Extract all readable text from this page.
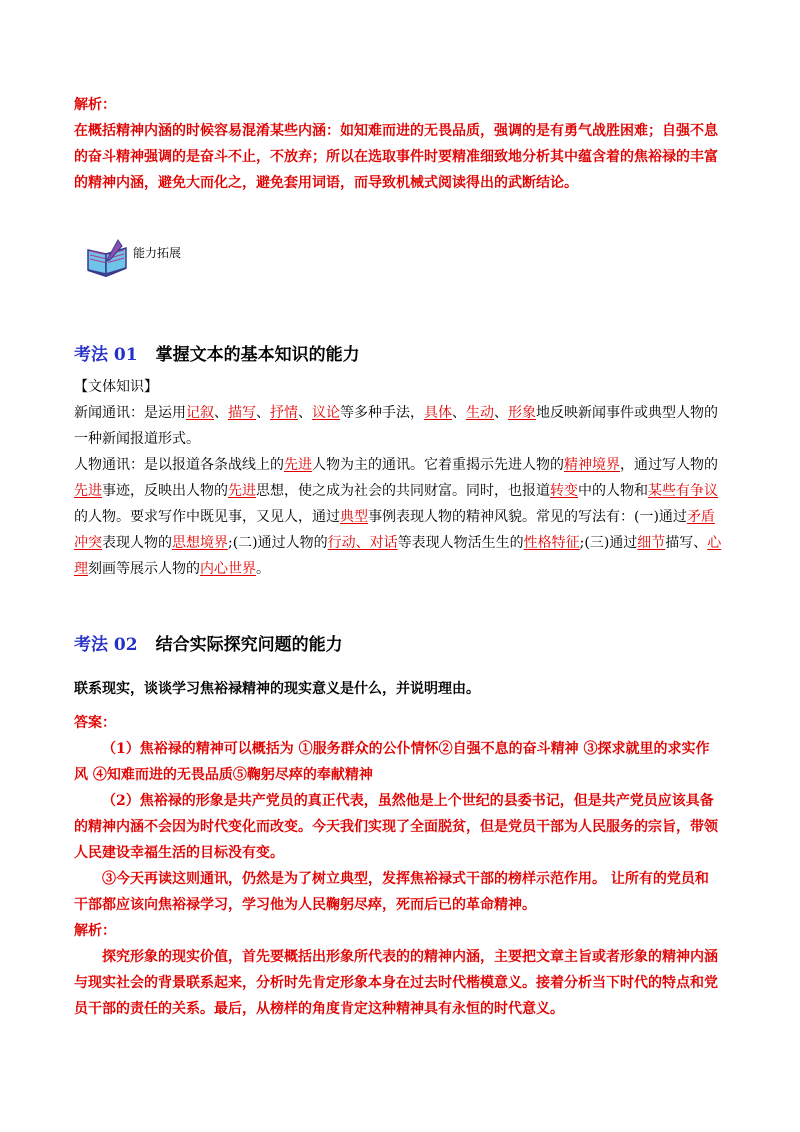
解析：
在概括精神内涵的时候容易混淆某些内涵：如知难而进的无畏品质，强调的是有勇气战胜困难；自强不息
的奋斗精神强调的是奋斗不止，不放弃；所以在选取事件时要精准细致地分析其中蕴含着的焦裕禄的丰富
的精神内涵，避免大而化之，避免套用词语，而导致机械式阅读得出的武断结论。
能力拓展
考法 01 掌握文本的基本知识的能力
【文体知识】
新闻通讯：是运用记叙、描写、抒情、议论等多种手法，具体、生动、形象地反映新闻事件或典型人物的
一种新闻报道形式。
人物通讯：是以报道各条战线上的先进人物为主的通讯。它着重揭示先进人物的精神境界，通过写人物的
先进事迹，反映出人物的先进思想，使之成为社会的共同财富。同时，也报道转变中的人物和某些有争议
的人物。要求写作中既见事，又见人，通过典型事例表现人物的精神风貌。常见的写法有：(一)通过矛盾
冲突表现人物的思想境界;(二)通过人物的行动、对话等表现人物活生生的性格特征;(三)通过细节描写、心
理刻画等展示人物的内心世界。
考法 02 结合实际探究问题的能力
联系现实，谈谈学习焦裕禄精神的现实意义是什么，并说明理由。
答案：
（1）焦裕禄的精神可以概括为 ①服务群众的公仆情怀②自强不息的奋斗精神 ③探求就里的求实作
风 ④知难而进的无畏品质⑤鞠躬尽瘁的奉献精神
（2）焦裕禄的形象是共产党员的真正代表，虽然他是上个世纪的县委书记，但是共产党员应该具备
的精神内涵不会因为时代变化而改变。今天我们实现了全面脱贫，但是党员干部为人民服务的宗旨，带领
人民建设幸福生活的目标没有变。
③今天再读这则通讯，仍然是为了树立典型，发挥焦裕禄式干部的榜样示范作用。 让所有的党员和
干部都应该向焦裕禄学习，学习他为人民鞠躬尽瘁，死而后已的革命精神。
解析：
探究形象的现实价值，首先要概括出形象所代表的的精神内涵，主要把文章主旨或者形象的精神内涵
与现实社会的背景联系起来，分析时先肯定形象本身在过去时代楷模意义。接着分析当下时代的特点和党
员干部的责任的关系。最后，从榜样的角度肯定这种精神具有永恒的时代意义。
